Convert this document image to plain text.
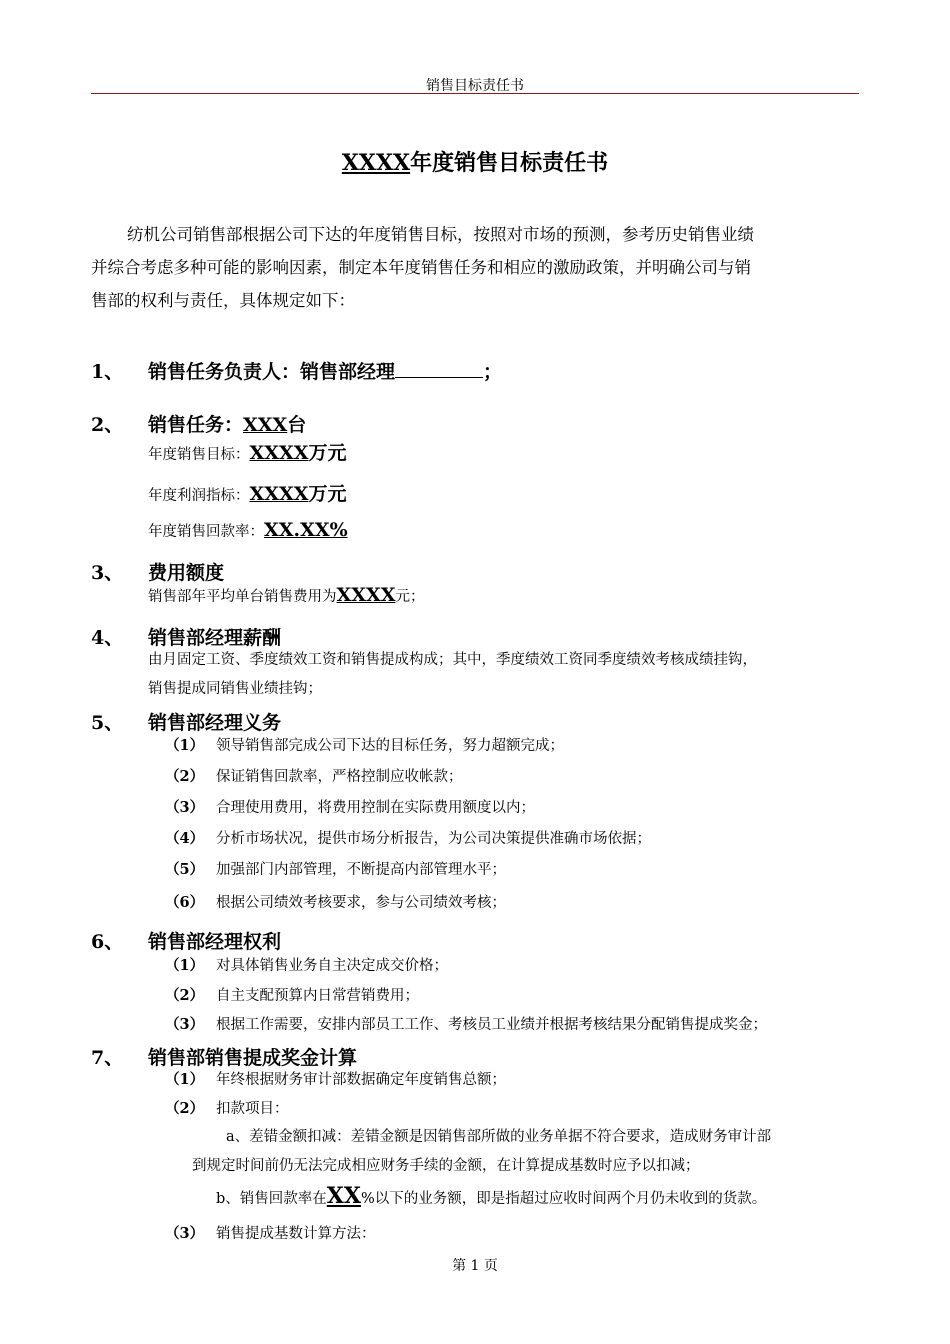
销售目标责任书
XXXX年度销售目标责任书
纺机公司销售部根据公司下达的年度销售目标，按照对市场的预测，参考历史销售业绩
并综合考虑多种可能的影响因素，制定本年度销售任务和相应的激励政策，并明确公司与销
售部的权利与责任，具体规定如下：
1、 销售任务负责人：销售部经理	；
2、 销售任务：XXX台
年度销售目标：XXXX万元
年度利润指标：XXXX万元
年度销售回款率：XX.XX%
3、 费用额度
销售部年平均单台销售费用为XXXX元；
4、 销售部经理薪酬
由月固定工资、季度绩效工资和销售提成构成；其中，季度绩效工资同季度绩效考核成绩挂钩，
销售提成同销售业绩挂钩；
5、 销售部经理义务
（1） 领导销售部完成公司下达的目标任务，努力超额完成；
（2） 保证销售回款率，严格控制应收帐款；
（3） 合理使用费用，将费用控制在实际费用额度以内；
（4） 分析市场状况，提供市场分析报告，为公司决策提供准确市场依据；
（5） 加强部门内部管理，不断提高内部管理水平；
（6） 根据公司绩效考核要求，参与公司绩效考核；
6、 销售部经理权利
（1） 对具体销售业务自主决定成交价格；
（2） 自主支配预算内日常营销费用；
（3） 根据工作需要，安排内部员工工作、考核员工业绩并根据考核结果分配销售提成奖金；
7、 销售部销售提成奖金计算
（1） 年终根据财务审计部数据确定年度销售总额；
（2） 扣款项目：
a、差错金额扣减：差错金额是因销售部所做的业务单据不符合要求，造成财务审计部
到规定时间前仍无法完成相应财务手续的金额，在计算提成基数时应予以扣减；
b、销售回款率在XX%以下的业务额，即是指超过应收时间两个月仍未收到的货款。
（3） 销售提成基数计算方法：
第 1 页
